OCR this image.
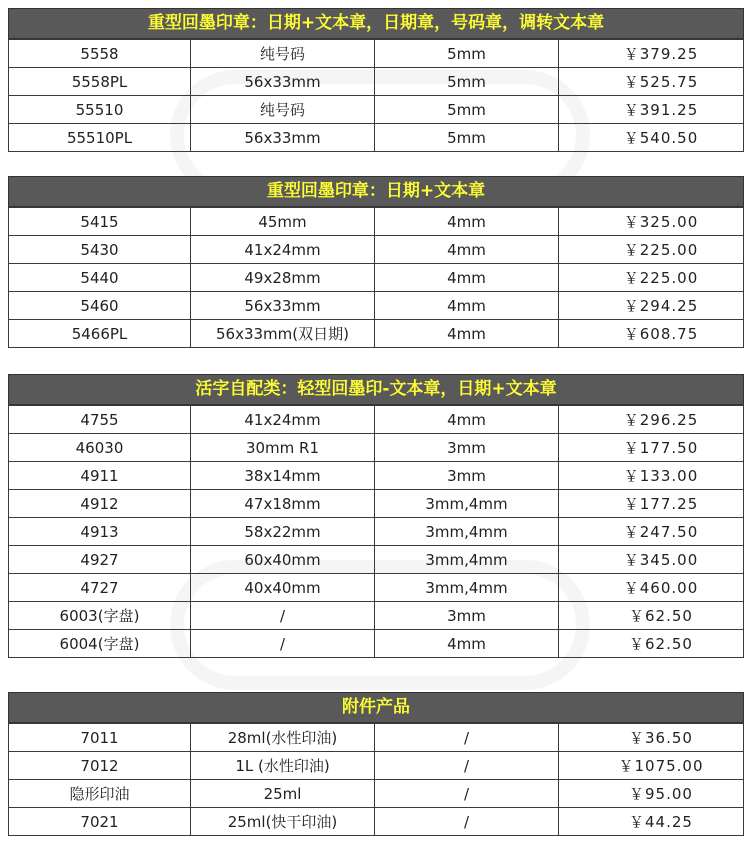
重型回墨印章：日期+文本章，日期章，号码章，调转文本章
5558	纯号码	5mm	￥379.25
5558PL	56x33mm	5mm	￥525.75
55510	纯号码	5mm	￥391.25
55510PL	56x33mm	5mm	￥540.50
重型回墨印章：日期+文本章
5415	45mm	4mm	￥325.00
5430	41x24mm	4mm	￥225.00
5440	49x28mm	4mm	￥225.00
5460	56x33mm	4mm	￥294.25
5466PL	56x33mm(双日期)	4mm	￥608.75
活字自配类：轻型回墨印-文本章，日期+文本章
4755	41x24mm	4mm	￥296.25
46030	30mm R1	3mm	￥177.50
4911	38x14mm	3mm	￥133.00
4912	47x18mm	3mm,4mm	￥177.25
4913	58x22mm	3mm,4mm	￥247.50
4927	60x40mm	3mm,4mm	￥345.00
4727	40x40mm	3mm,4mm	￥460.00
6003(字盘)	/	3mm	￥62.50
6004(字盘)	/	4mm	￥62.50
附件产品
7011	28ml(水性印油)	/	￥36.50
7012	1L (水性印油)	/	￥1075.00
隐形印油	25ml	/	￥95.00
7021	25ml(快干印油)	/	￥44.25
